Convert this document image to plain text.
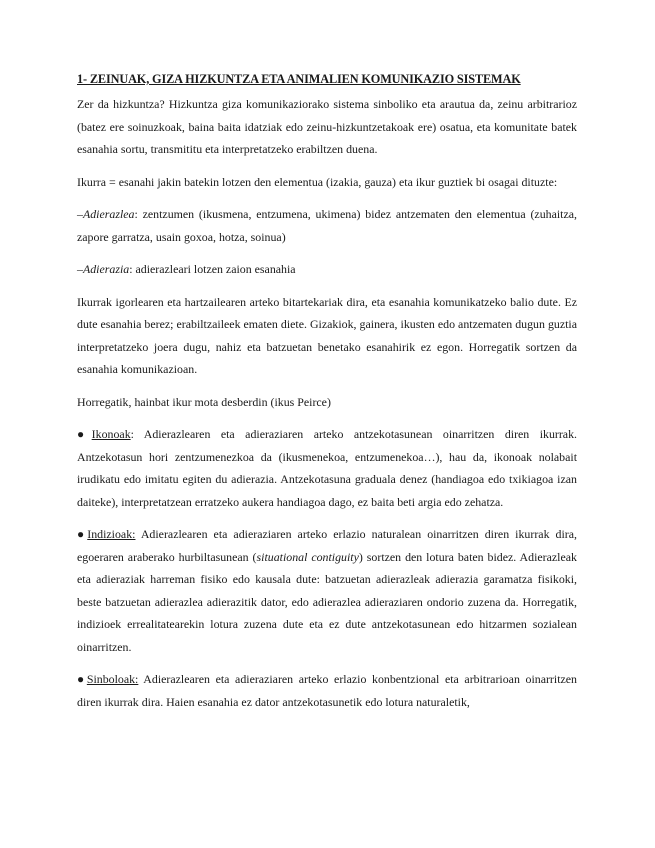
1- ZEINUAK, GIZA HIZKUNTZA ETA ANIMALIEN KOMUNIKAZIO SISTEMAK

Zer da hizkuntza? Hizkuntza giza komunikaziorako sistema sinboliko eta arautua da, zeinu arbitrarioz (batez ere soinuzkoak, baina baita idatziak edo zeinu-hizkuntzetakoak ere) osatua, eta komunitate batek esanahia sortu, transmititu eta interpretatzeko erabiltzen duena.

Ikurra = esanahi jakin batekin lotzen den elementua (izakia, gauza) eta ikur guztiek bi osagai dituzte:

–Adierazlea: zentzumen (ikusmena, entzumena, ukimena) bidez antzematen den elementua (zuhaitza, zapore garratza, usain goxoa, hotza, soinua)

–Adierazia: adierazleari lotzen zaion esanahia

Ikurrak igorlearen eta hartzailearen arteko bitartekariak dira, eta esanahia komunikatzeko balio dute. Ez dute esanahia berez; erabiltzaileek ematen diete. Gizakiok, gainera, ikusten edo antzematen dugun guztia interpretatzeko joera dugu, nahiz eta batzuetan benetako esanahirik ez egon. Horregatik sortzen da esanahia komunikazioan.

Horregatik, hainbat ikur mota desberdin (ikus Peirce)

●Ikonoak: Adierazlearen eta adieraziaren arteko antzekotasunean oinarritzen diren ikurrak. Antzekotasun hori zentzumenezkoa da (ikusmenekoa, entzumenekoa…), hau da, ikonoak nolabait irudikatu edo imitatu egiten du adierazia. Antzekotasuna graduala denez (handiagoa edo txikiagoa izan daiteke), interpretatzean erratzeko aukera handiagoa dago, ez baita beti argia edo zehatza.

●Indizioak: Adierazlearen eta adieraziaren arteko erlazio naturalean oinarritzen diren ikurrak dira, egoeraren araberako hurbiltasunean (situational contiguity) sortzen den lotura baten bidez. Adierazleak eta adieraziak harreman fisiko edo kausala dute: batzuetan adierazleak adierazia garamatza fisikoki, beste batzuetan adierazlea adierazitik dator, edo adierazlea adieraziaren ondorio zuzena da. Horregatik, indizioek errealitatearekin lotura zuzena dute eta ez dute antzekotasunean edo hitzarmen sozialean oinarritzen.

●Sinboloak: Adierazlearen eta adieraziaren arteko erlazio konbentzional eta arbitrarioan oinarritzen diren ikurrak dira. Haien esanahia ez dator antzekotasunetik edo lotura naturaletik,
